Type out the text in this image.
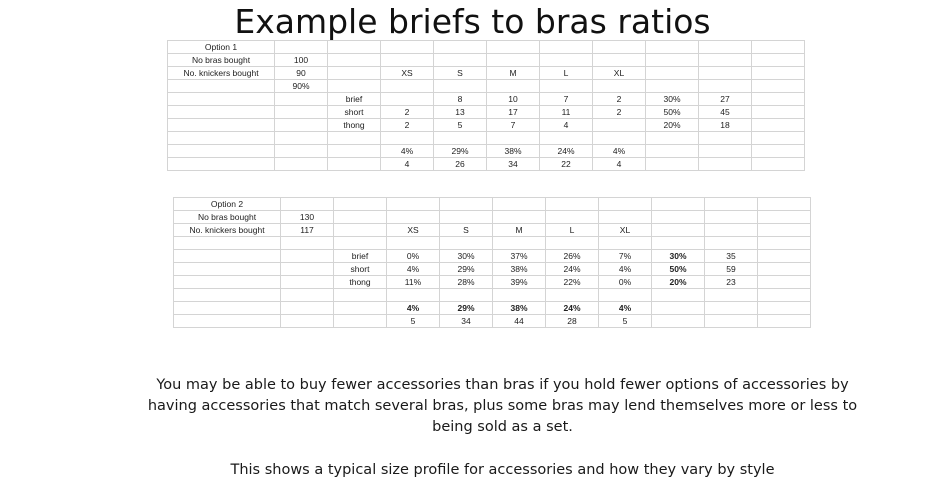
Example briefs to bras ratios
Option 1										
No bras bought	100									
No. knickers bought	90		XS	S	M	L	XL			
	90%									
		brief		8	10	7	2	30%	27	
		short	2	13	17	11	2	50%	45	
		thong	2	5	7	4		20%	18	

			4%	29%	38%	24%	4%			
			4	26	34	22	4			
Option 2										
No bras bought	130									
No. knickers bought	117		XS	S	M	L	XL			

		brief	0%	30%	37%	26%	7%	30%	35	
		short	4%	29%	38%	24%	4%	50%	59	
		thong	11%	28%	39%	22%	0%	20%	23	

			4%	29%	38%	24%	4%			
			5	34	44	28	5			

You may be able to buy fewer accessories than bras if you hold fewer options of accessories by having accessories that match several bras, plus some bras may lend themselves more or less to being sold as a set.

This shows a typical size profile for accessories and how they vary by style
